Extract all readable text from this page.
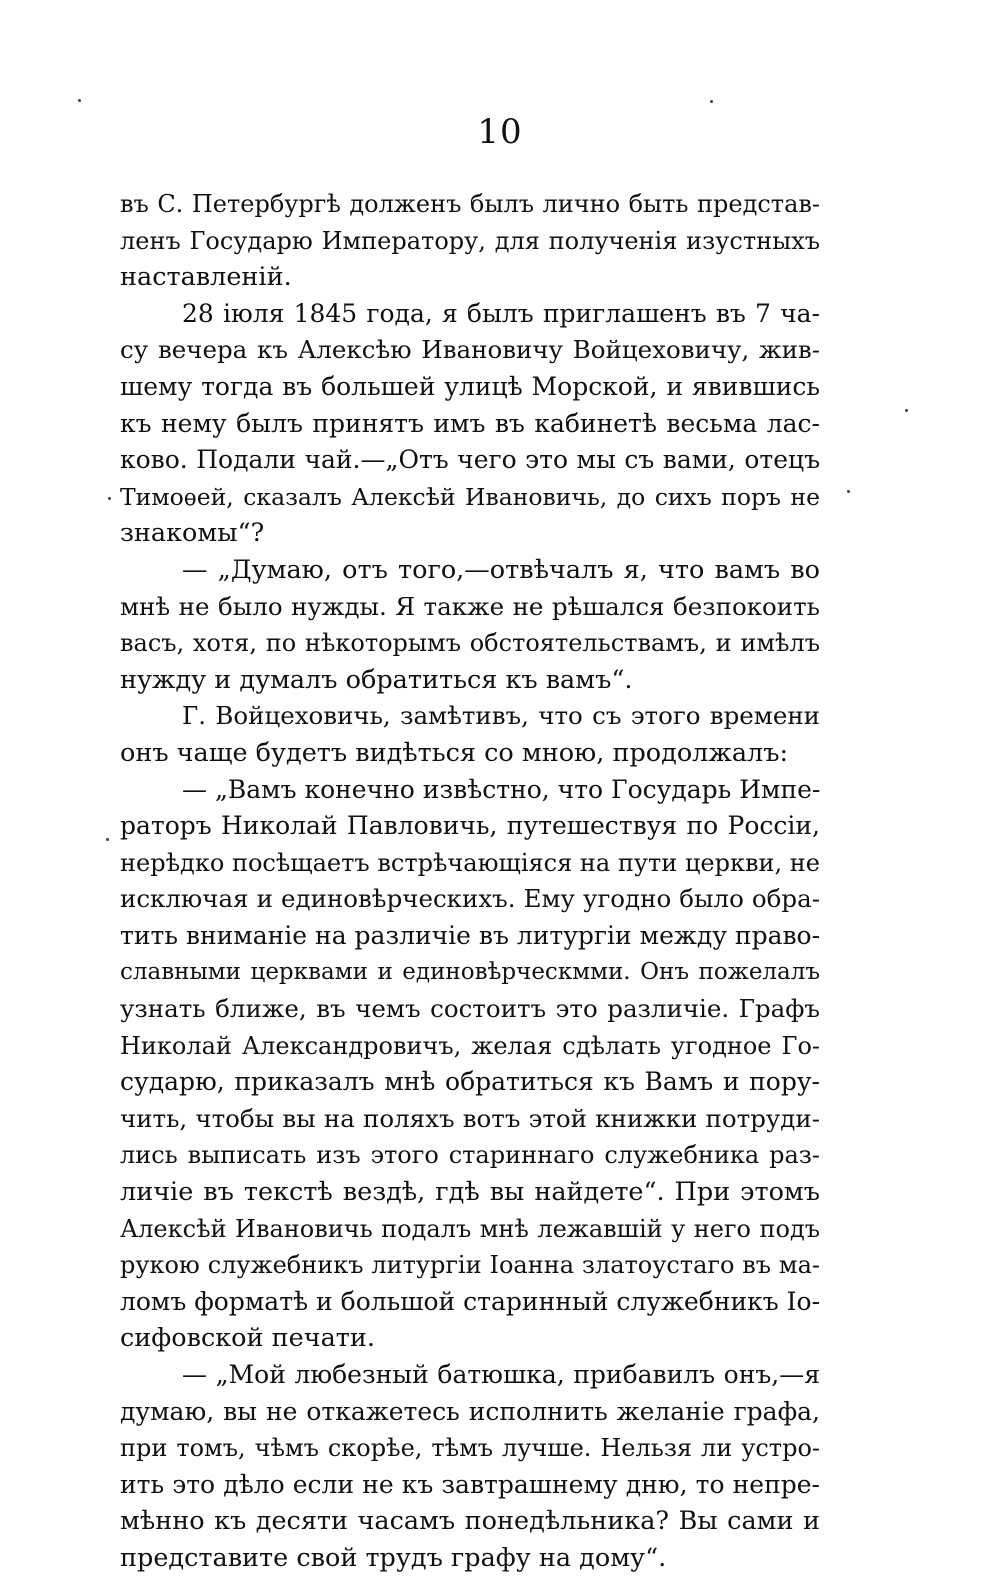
10
въ С. Петербургѣ долженъ былъ лично быть представ-
ленъ Государю Императору, для полученія изустныхъ
наставленій.
28 іюля 1845 года, я былъ приглашенъ въ 7 ча-
су вечера къ Алексѣю Ивановичу Войцеховичу, жив-
шему тогда въ большей улицѣ Морской, и явившись
къ нему былъ принятъ имъ въ кабинетѣ весьма лас-
ково. Подали чай.—„Отъ чего это мы съ вами, отецъ
Тимоѳей, сказалъ Алексѣй Ивановичь, до сихъ поръ не
знакомы“?
— „Думаю, отъ того,—отвѣчалъ я, что вамъ во
мнѣ не было нужды. Я также не рѣшался безпокоить
васъ, хотя, по нѣкоторымъ обстоятельствамъ, и имѣлъ
нужду и думалъ обратиться къ вамъ“.
Г. Войцеховичь, замѣтивъ, что съ этого времени
онъ чаще будетъ видѣться со мною, продолжалъ:
— „Вамъ конечно извѣстно, что Государь Импе-
раторъ Николай Павловичь, путешествуя по Россіи,
нерѣдко посѣщаетъ встрѣчающіяся на пути церкви, не
исключая и единовѣрческихъ. Ему угодно было обра-
тить вниманіе на различіе въ литургіи между право-
славными церквами и единовѣрческмми. Онъ пожелалъ
узнать ближе, въ чемъ состоитъ это различіе. Графъ
Николай Александровичъ, желая сдѣлать угодное Го-
сударю, приказалъ мнѣ обратиться къ Вамъ и пору-
чить, чтобы вы на поляхъ вотъ этой книжки потруди-
лись выписать изъ этого стариннаго служебника раз-
личіе въ текстѣ вездѣ, гдѣ вы найдете“. При этомъ
Алексѣй Ивановичь подалъ мнѣ лежавшій у него подъ
рукою служебникъ литургіи Іоанна златоустаго въ ма-
ломъ форматѣ и большой старинный служебникъ Іо-
сифовской печати.
— „Мой любезный батюшка, прибавилъ онъ,—я
думаю, вы не откажетесь исполнить желаніе графа,
при томъ, чѣмъ скорѣе, тѣмъ лучше. Нельзя ли устро-
ить это дѣло если не къ завтрашнему дню, то непре-
мѣнно къ десяти часамъ понедѣльника? Вы сами и
представите свой трудъ графу на дому“.
